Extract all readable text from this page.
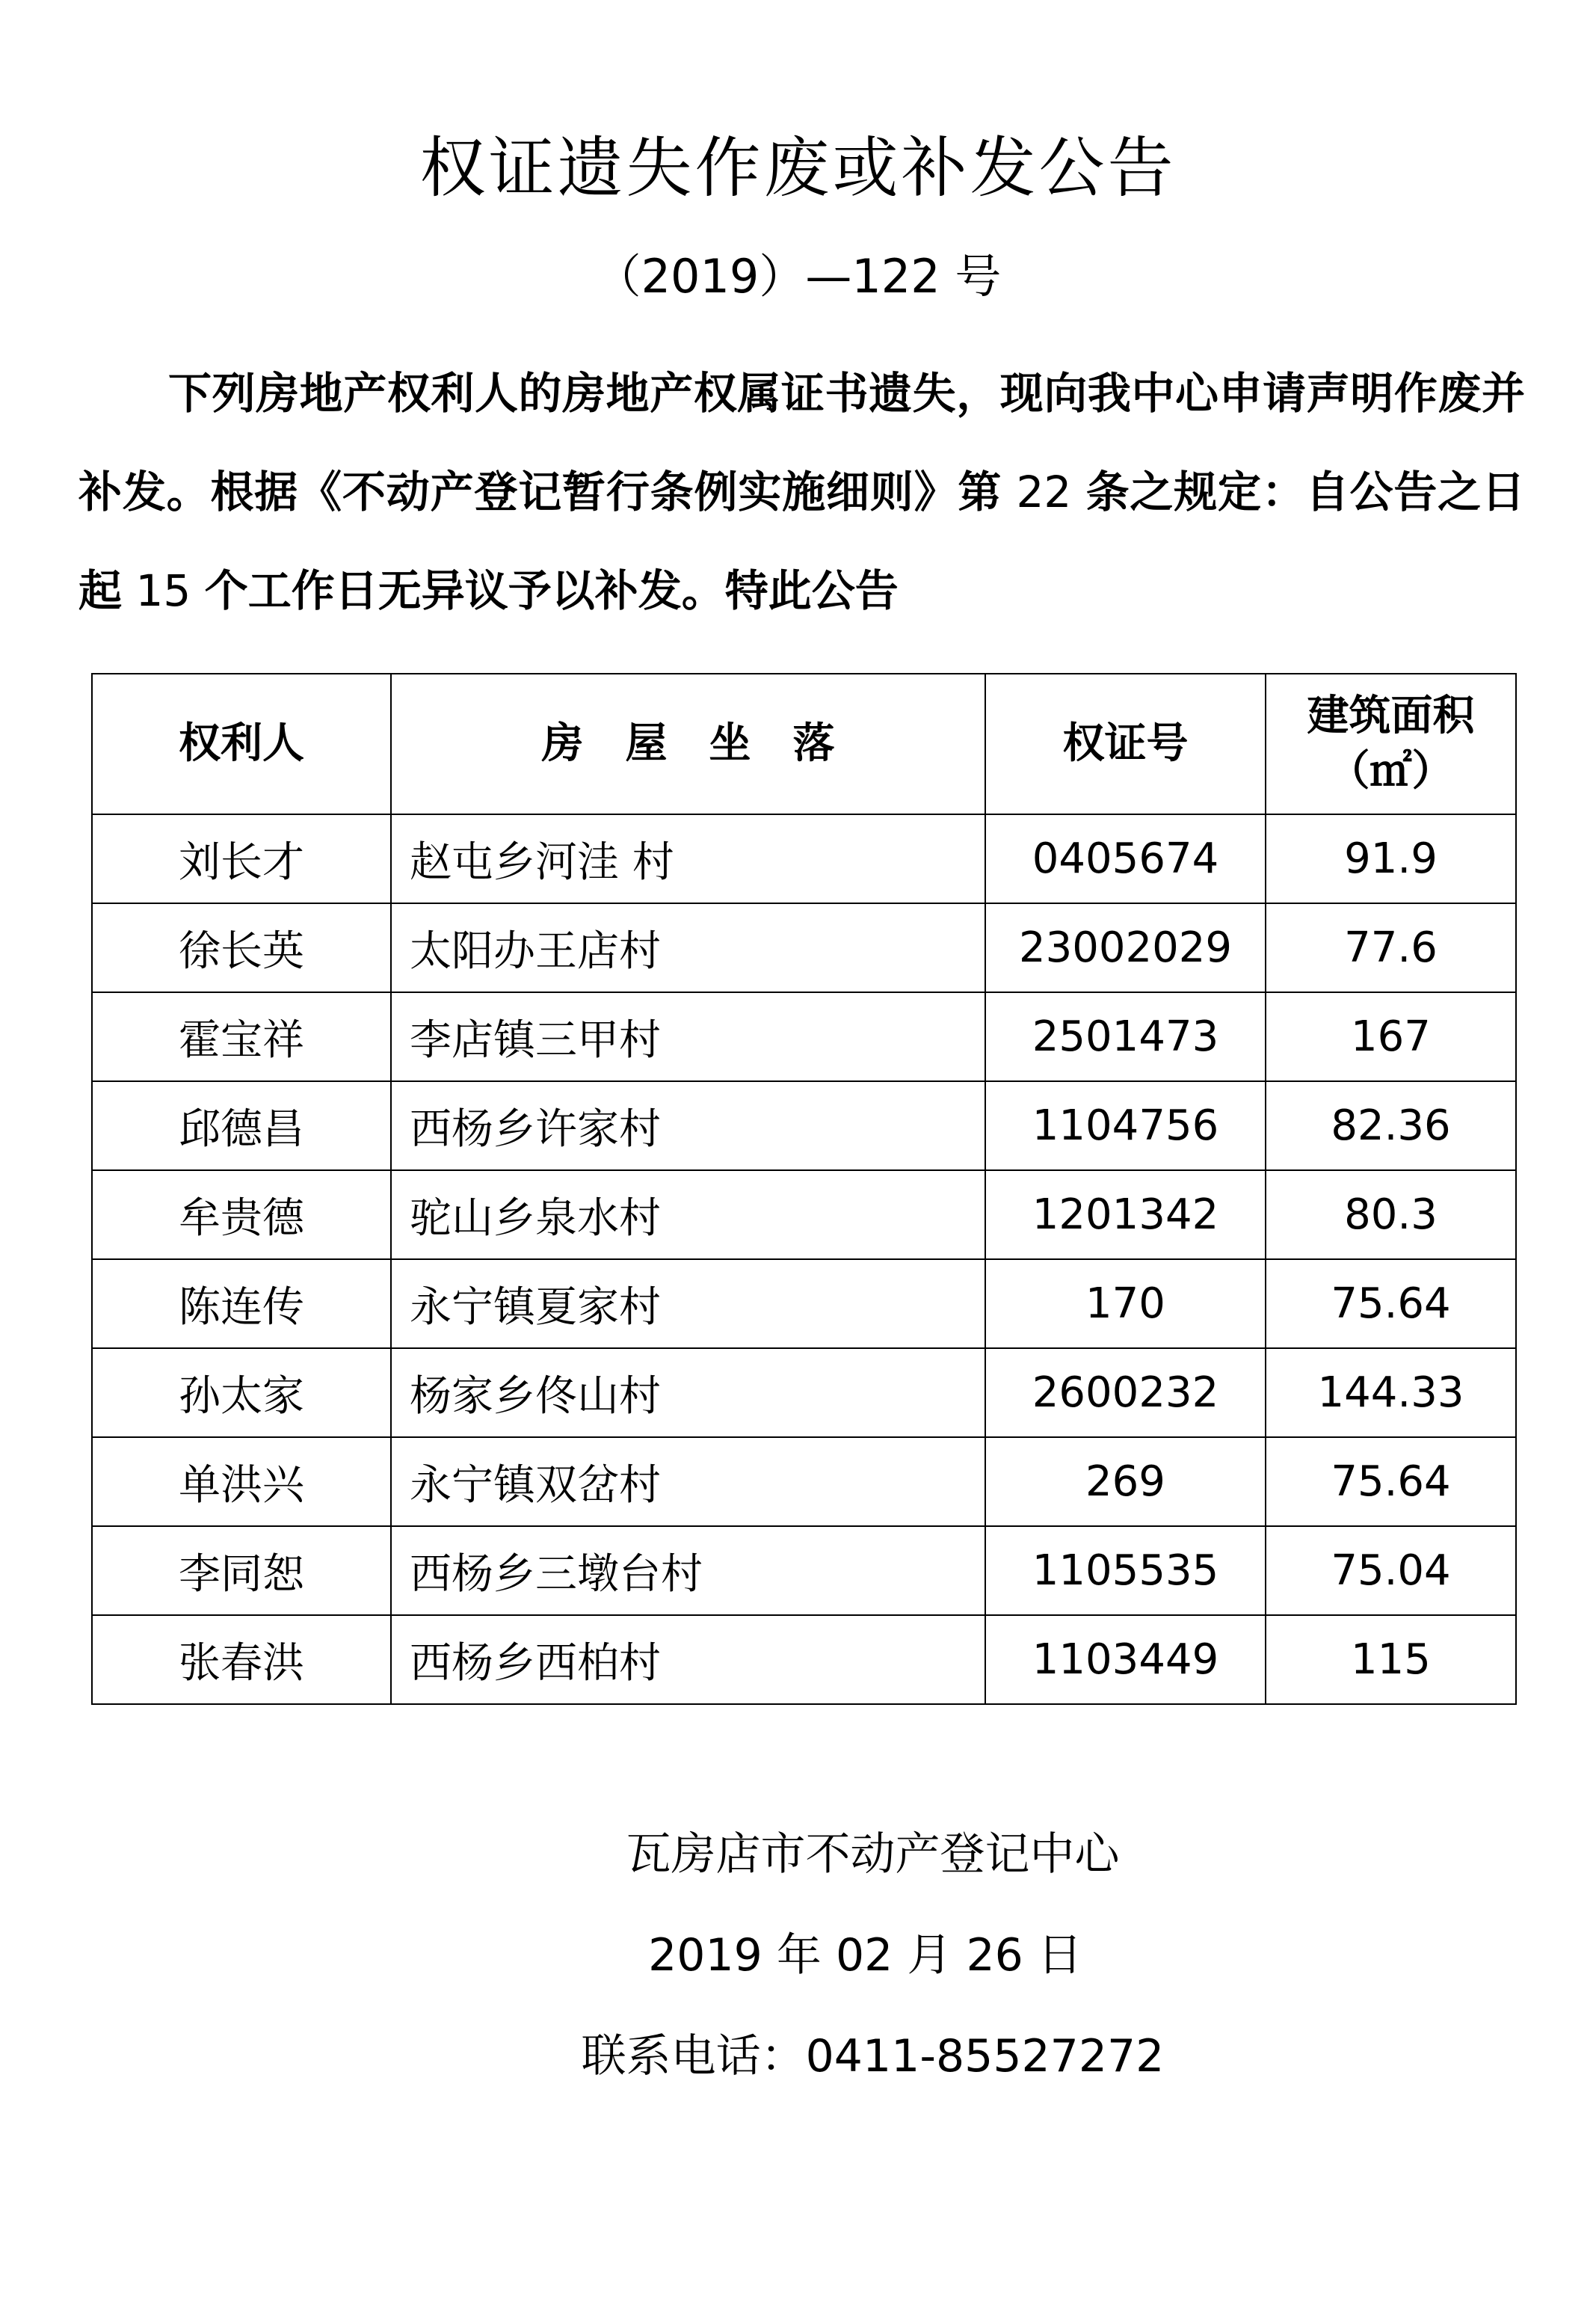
权证遗失作废或补发公告
（2019）—122 号
下列房地产权利人的房地产权属证书遗失，现向我中心申请声明作废并补发。根据《不动产登记暂行条例实施细则》第 22 条之规定：自公告之日起 15 个工作日无异议予以补发。特此公告
权利人	房　屋　坐　落	权证号	建筑面积
（㎡）
刘长才	赵屯乡河洼 村	0405674	91.9
徐长英	太阳办王店村	23002029	77.6
霍宝祥	李店镇三甲村	2501473	167
邱德昌	西杨乡许家村	1104756	82.36
牟贵德	驼山乡泉水村	1201342	80.3
陈连传	永宁镇夏家村	170	75.64
孙太家	杨家乡佟山村	2600232	144.33
单洪兴	永宁镇双岔村	269	75.64
李同恕	西杨乡三墩台村	1105535	75.04
张春洪	西杨乡西柏村	1103449	115
瓦房店市不动产登记中心
2019 年 02 月 26 日
联系电话：0411-85527272
